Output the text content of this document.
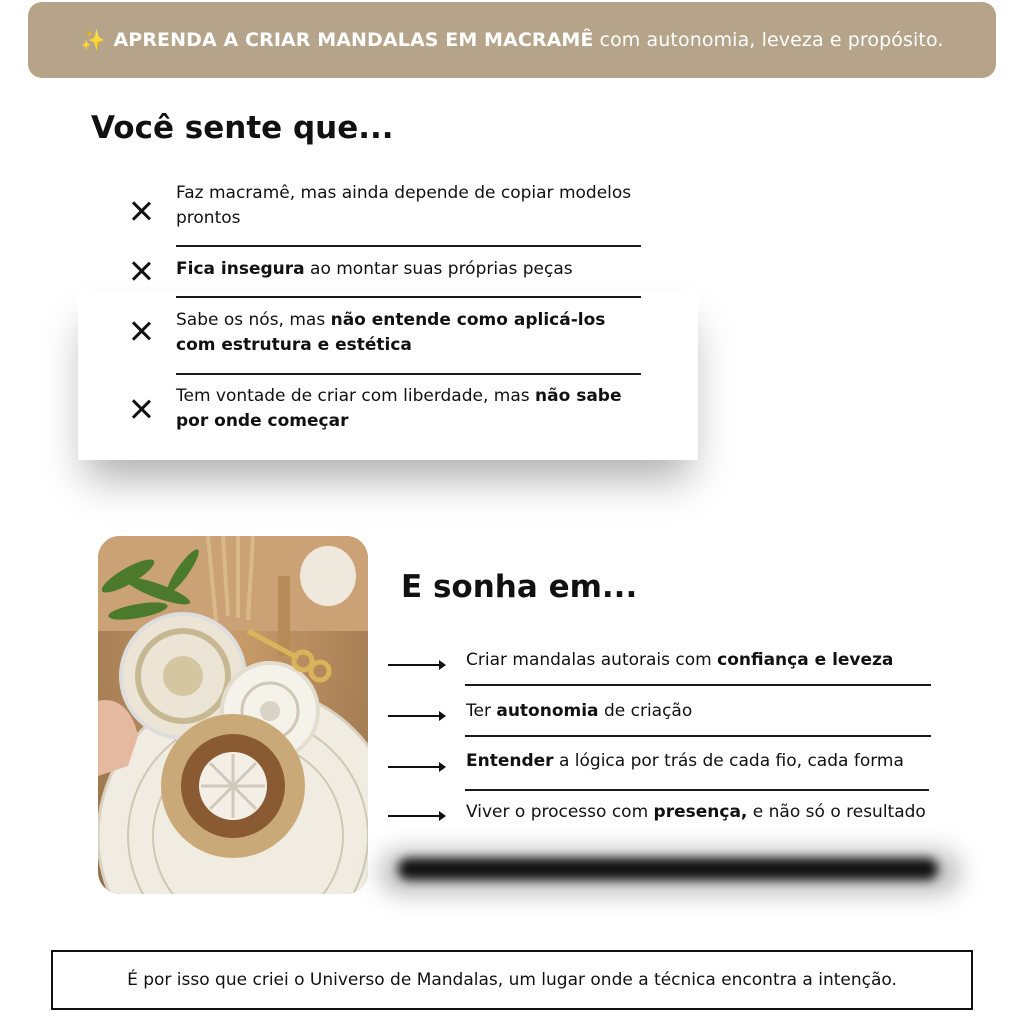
✨ APRENDA A CRIAR MANDALAS EM MACRAMÊ com autonomia, leveza e propósito.
Você sente que...
Faz macramê, mas ainda depende de copiar modelos prontos
Fica insegura ao montar suas próprias peças
Sabe os nós, mas não entende como aplicá-los com estrutura e estética
Tem vontade de criar com liberdade, mas não sabe por onde começar
E sonha em...
Criar mandalas autorais com confiança e leveza
Ter autonomia de criação
Entender a lógica por trás de cada fio, cada forma
Viver o processo com presença, e não só o resultado
É por isso que criei o Universo de Mandalas, um lugar onde a técnica encontra a intenção.
